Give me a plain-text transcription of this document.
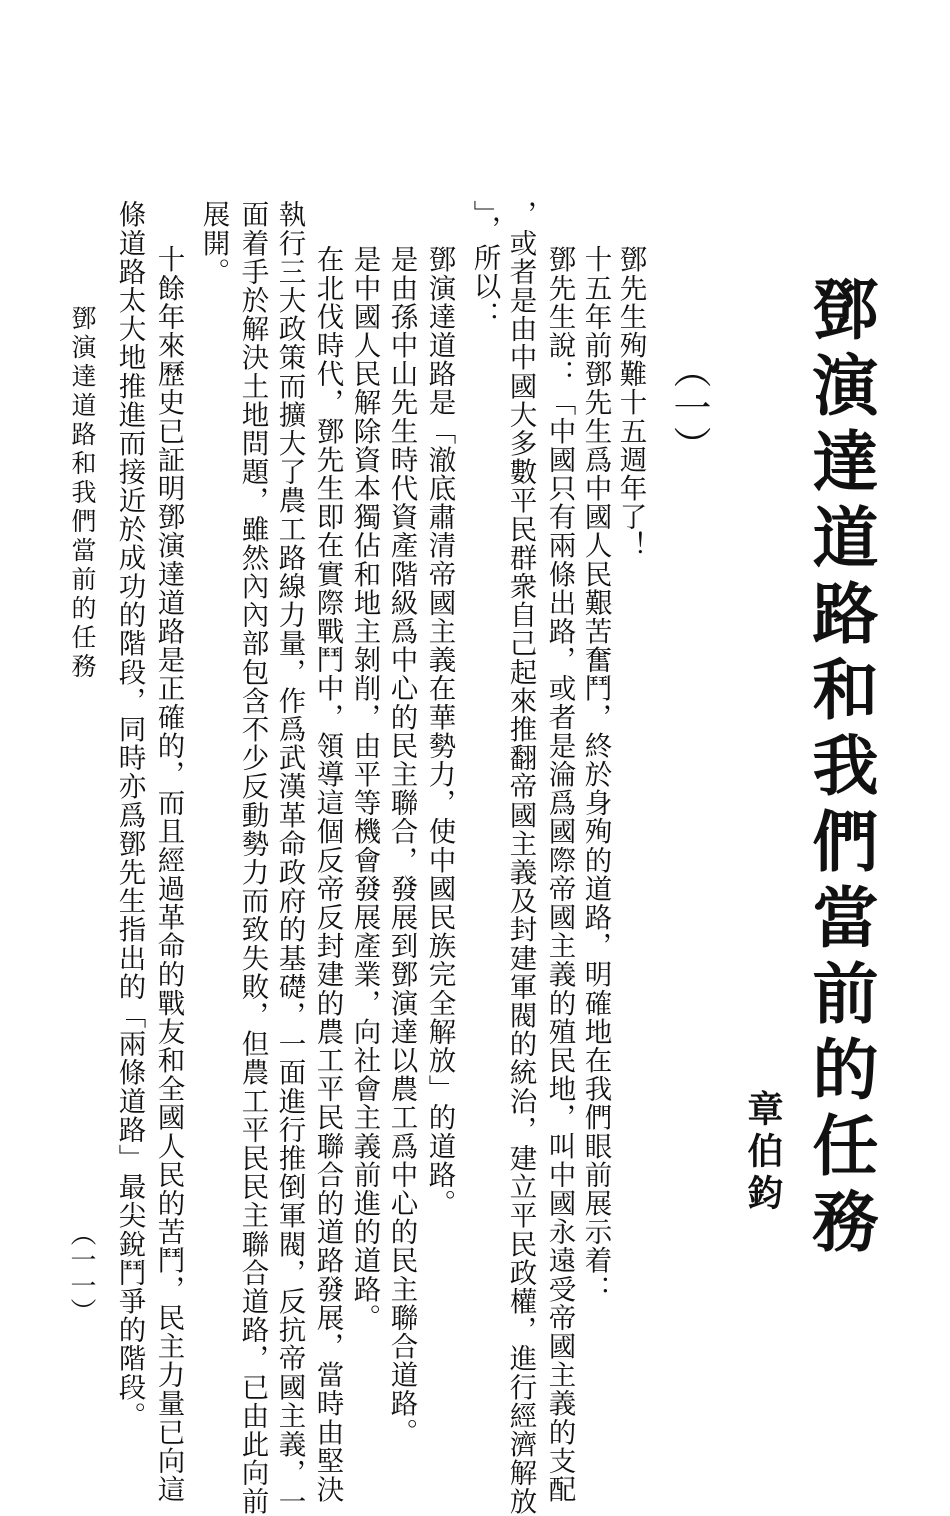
鄧演達道路和我們當前的任務
章伯鈞
（一）
鄧先生殉難十五週年了！
十五年前鄧先生爲中國人民艱苦奮鬥，終於身殉的道路，明確地在我們眼前展示着：
鄧先生說：「中國只有兩條出路，或者是淪爲國際帝國主義的殖民地，叫中國永遠受帝國主義的支配
，或者是由中國大多數平民群衆自己起來推翻帝國主義及封建軍閥的統治，建立平民政權，進行經濟解放
」，所以：
鄧演達道路是「澈底肅清帝國主義在華勢力，使中國民族完全解放」的道路。
是由孫中山先生時代資產階級爲中心的民主聯合，發展到鄧演達以農工爲中心的民主聯合道路。
是中國人民解除資本獨佔和地主剝削，由平等機會發展產業，向社會主義前進的道路。
在北伐時代，鄧先生即在實際戰鬥中，領導這個反帝反封建的農工平民聯合的道路發展，當時由堅決
執行三大政策而擴大了農工路線力量，作爲武漢革命政府的基礎，一面進行推倒軍閥，反抗帝國主義，一
面着手於解決土地問題，雖然內內部包含不少反動勢力而致失敗，但農工平民民主聯合道路，已由此向前
展開。
十餘年來歷史已証明鄧演達道路是正確的，而且經過革命的戰友和全國人民的苦鬥，民主力量已向這
條道路太大地推進而接近於成功的階段，同時亦爲鄧先生指出的「兩條道路」最尖銳鬥爭的階段。
鄧演達道路和我們當前的任務
（一一）
